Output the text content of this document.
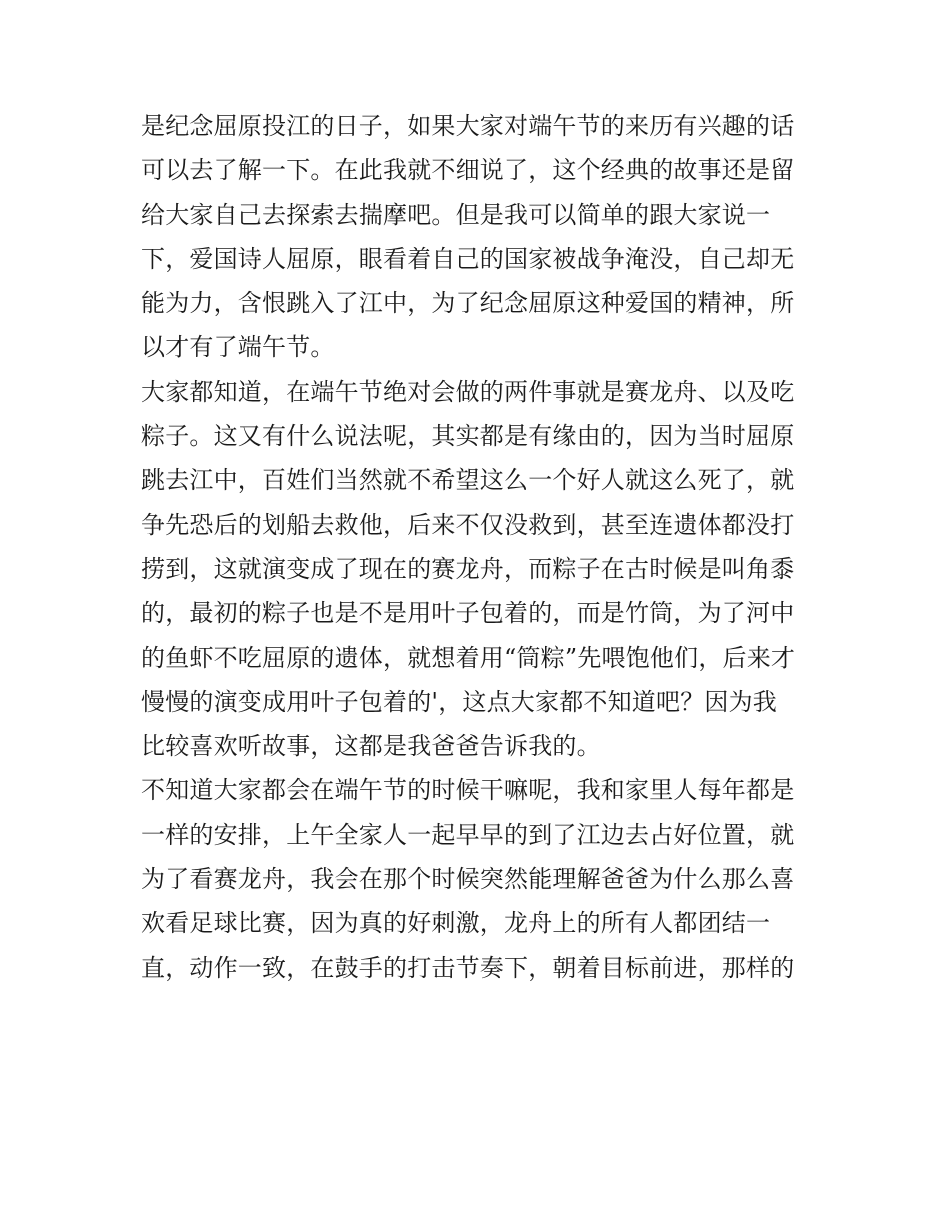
是纪念屈原投江的日子，如果大家对端午节的来历有兴趣的话
可以去了解一下。在此我就不细说了，这个经典的故事还是留
给大家自己去探索去揣摩吧。但是我可以简单的跟大家说一
下，爱国诗人屈原，眼看着自己的国家被战争淹没，自己却无
能为力，含恨跳入了江中，为了纪念屈原这种爱国的精神，所
以才有了端午节。
大家都知道，在端午节绝对会做的两件事就是赛龙舟、以及吃
粽子。这又有什么说法呢，其实都是有缘由的，因为当时屈原
跳去江中，百姓们当然就不希望这么一个好人就这么死了，就
争先恐后的划船去救他，后来不仅没救到，甚至连遗体都没打
捞到，这就演变成了现在的赛龙舟，而粽子在古时候是叫角黍
的，最初的粽子也是不是用叶子包着的，而是竹筒，为了河中
的鱼虾不吃屈原的遗体，就想着用“筒粽”先喂饱他们，后来才
慢慢的演变成用叶子包着的'，这点大家都不知道吧？因为我
比较喜欢听故事，这都是我爸爸告诉我的。
不知道大家都会在端午节的时候干嘛呢，我和家里人每年都是
一样的安排，上午全家人一起早早的到了江边去占好位置，就
为了看赛龙舟，我会在那个时候突然能理解爸爸为什么那么喜
欢看足球比赛，因为真的好刺激，龙舟上的所有人都团结一
直，动作一致，在鼓手的打击节奏下，朝着目标前进，那样的
